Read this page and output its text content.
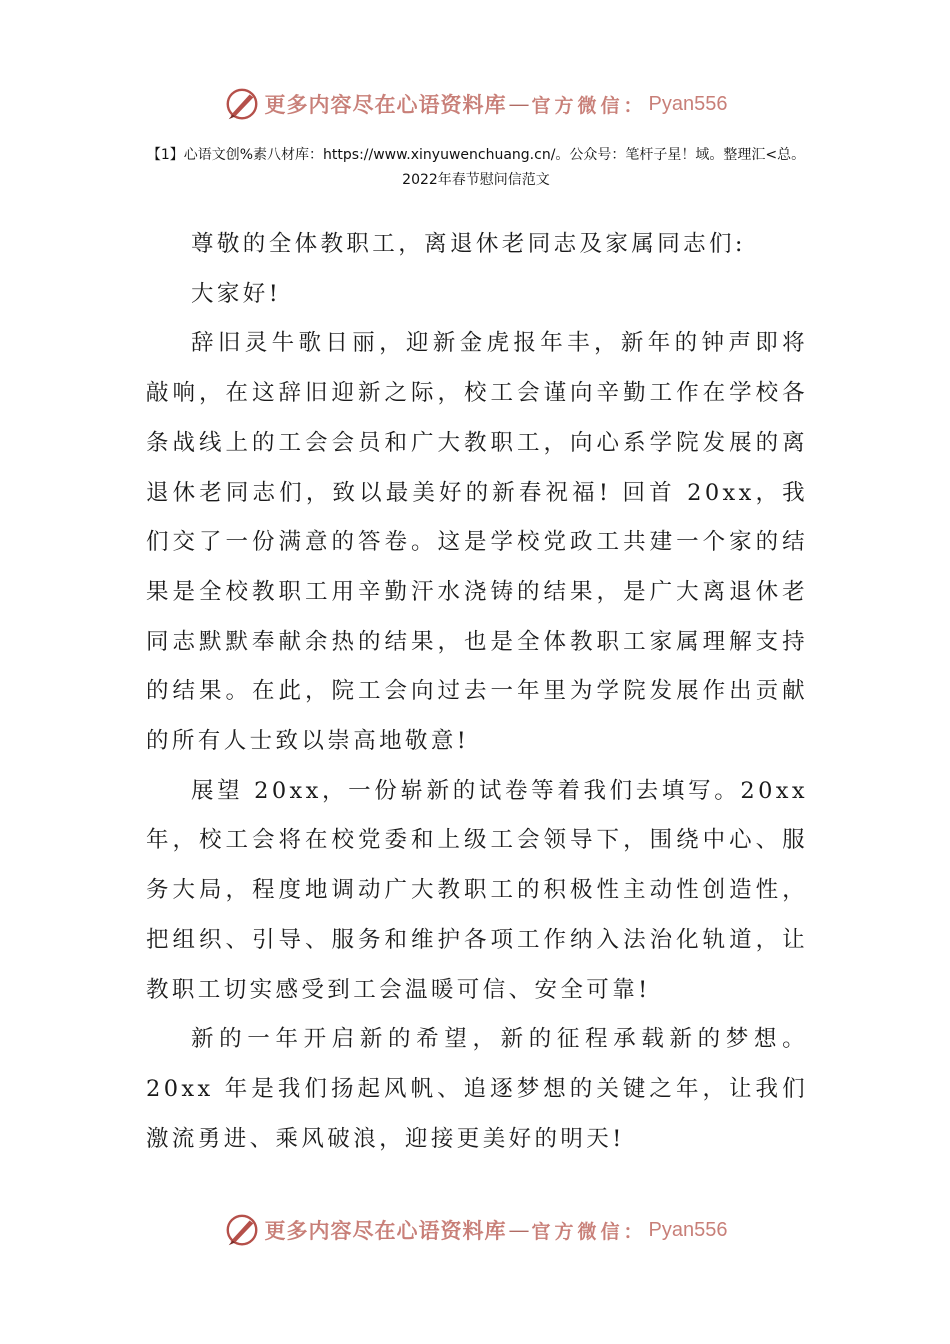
更多内容尽在心语资料库 — 官方微信： Pyan556
【1】心语文创%素八材库：https://www.xinyuwenchuang.cn/。公众号：笔杆子星！域。整理汇<总。2022年春节慰问信范文

尊敬的全体教职工，离退休老同志及家属同志们:

大家好!

辞旧灵牛歌日丽，迎新金虎报年丰，新年的钟声即将敲响，在这辞旧迎新之际，校工会谨向辛勤工作在学校各条战线上的工会会员和广大教职工，向心系学院发展的离退休老同志们，致以最美好的新春祝福! 回首 20xx，我们交了一份满意的答卷。这是学校党政工共建一个家的结果是全校教职工用辛勤汗水浇铸的结果，是广大离退休老同志默默奉献余热的结果，也是全体教职工家属理解支持的结果。在此，院工会向过去一年里为学院发展作出贡献的所有人士致以崇高地敬意!

展望 20xx，一份崭新的试卷等着我们去填写。20xx 年，校工会将在校党委和上级工会领导下，围绕中心、服务大局，程度地调动广大教职工的积极性主动性创造性，把组织、引导、服务和维护各项工作纳入法治化轨道，让教职工切实感受到工会温暖可信、安全可靠!

新的一年开启新的希望，新的征程承载新的梦想。20xx 年是我们扬起风帆、追逐梦想的关键之年，让我们激流勇进、乘风破浪，迎接更美好的明天!

更多内容尽在心语资料库 — 官方微信： Pyan556
